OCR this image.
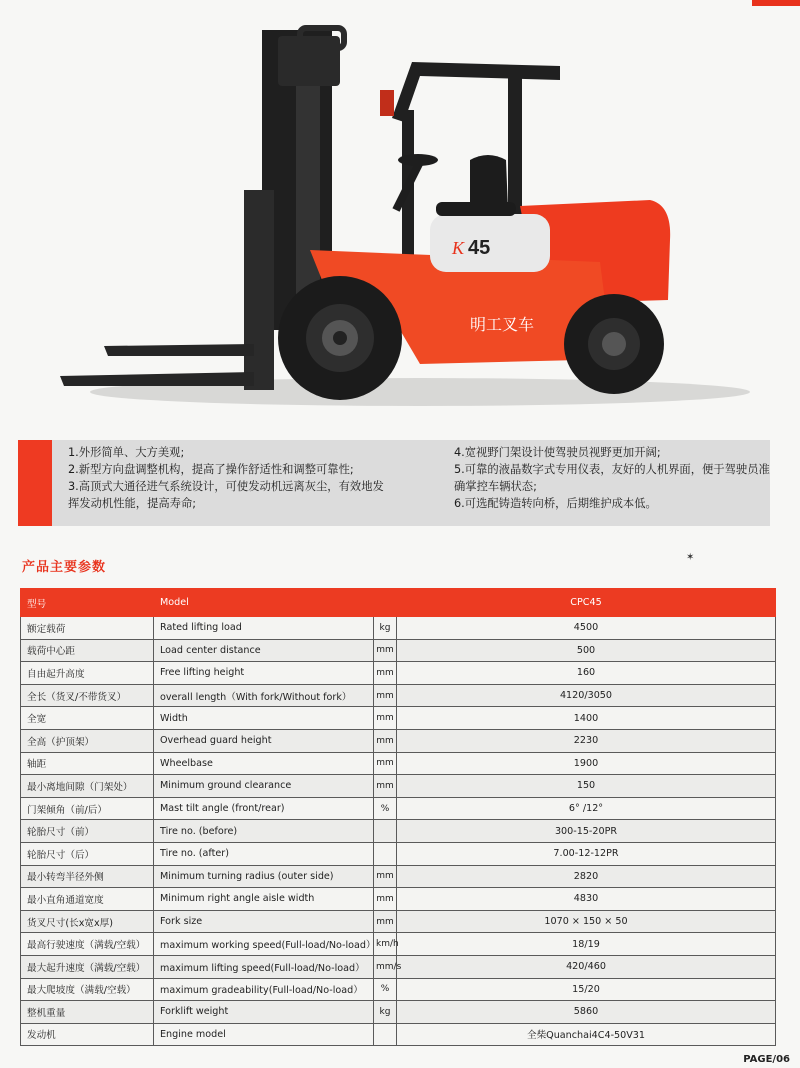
45
K
明工叉车
1.外形简单、大方美观;
2.新型方向盘调整机构，提高了操作舒适性和调整可靠性;
3.高顶式大通径进气系统设计，可使发动机远离灰尘，有效地发
挥发动机性能，提高寿命;
4.宽视野门架设计使驾驶员视野更加开阔;
5.可靠的液晶数字式专用仪表，友好的人机界面，便于驾驶员准
确掌控车辆状态;
6.可选配铸造转向桥，后期维护成本低。
产品主要参数
✶
型号	Model		CPC45
额定载荷	Rated lifting load	kg	4500
载荷中心距	Load center distance	mm	500
自由起升高度	Free lifting height	mm	160
全长（货叉/不带货叉）	overall length（With fork/Without fork）	mm	4120/3050
全宽	Width	mm	1400
全高（护顶架）	Overhead guard height	mm	2230
轴距	Wheelbase	mm	1900
最小离地间隙（门架处）	Minimum ground clearance	mm	150
门架倾角（前/后）	Mast tilt angle (front/rear)	%	6° /12°
轮胎尺寸（前）	Tire no. (before)		300-15-20PR
轮胎尺寸（后）	Tire no. (after)		7.00-12-12PR
最小转弯半径外侧	Minimum turning radius (outer side)	mm	2820
最小直角通道宽度	Minimum right angle aisle width	mm	4830
货叉尺寸(长x宽x厚)	Fork size	mm	1070 × 150 × 50
最高行驶速度（满载/空载）	maximum working speed(Full-load/No-load）	km/h	18/19
最大起升速度（满载/空载）	maximum lifting speed(Full-load/No-load）	mm/s	420/460
最大爬坡度（满载/空载）	maximum gradeability(Full-load/No-load）	%	15/20
整机重量	Forklift weight	kg	5860
发动机	Engine model		全柴Quanchai4C4-50V31
PAGE/06
